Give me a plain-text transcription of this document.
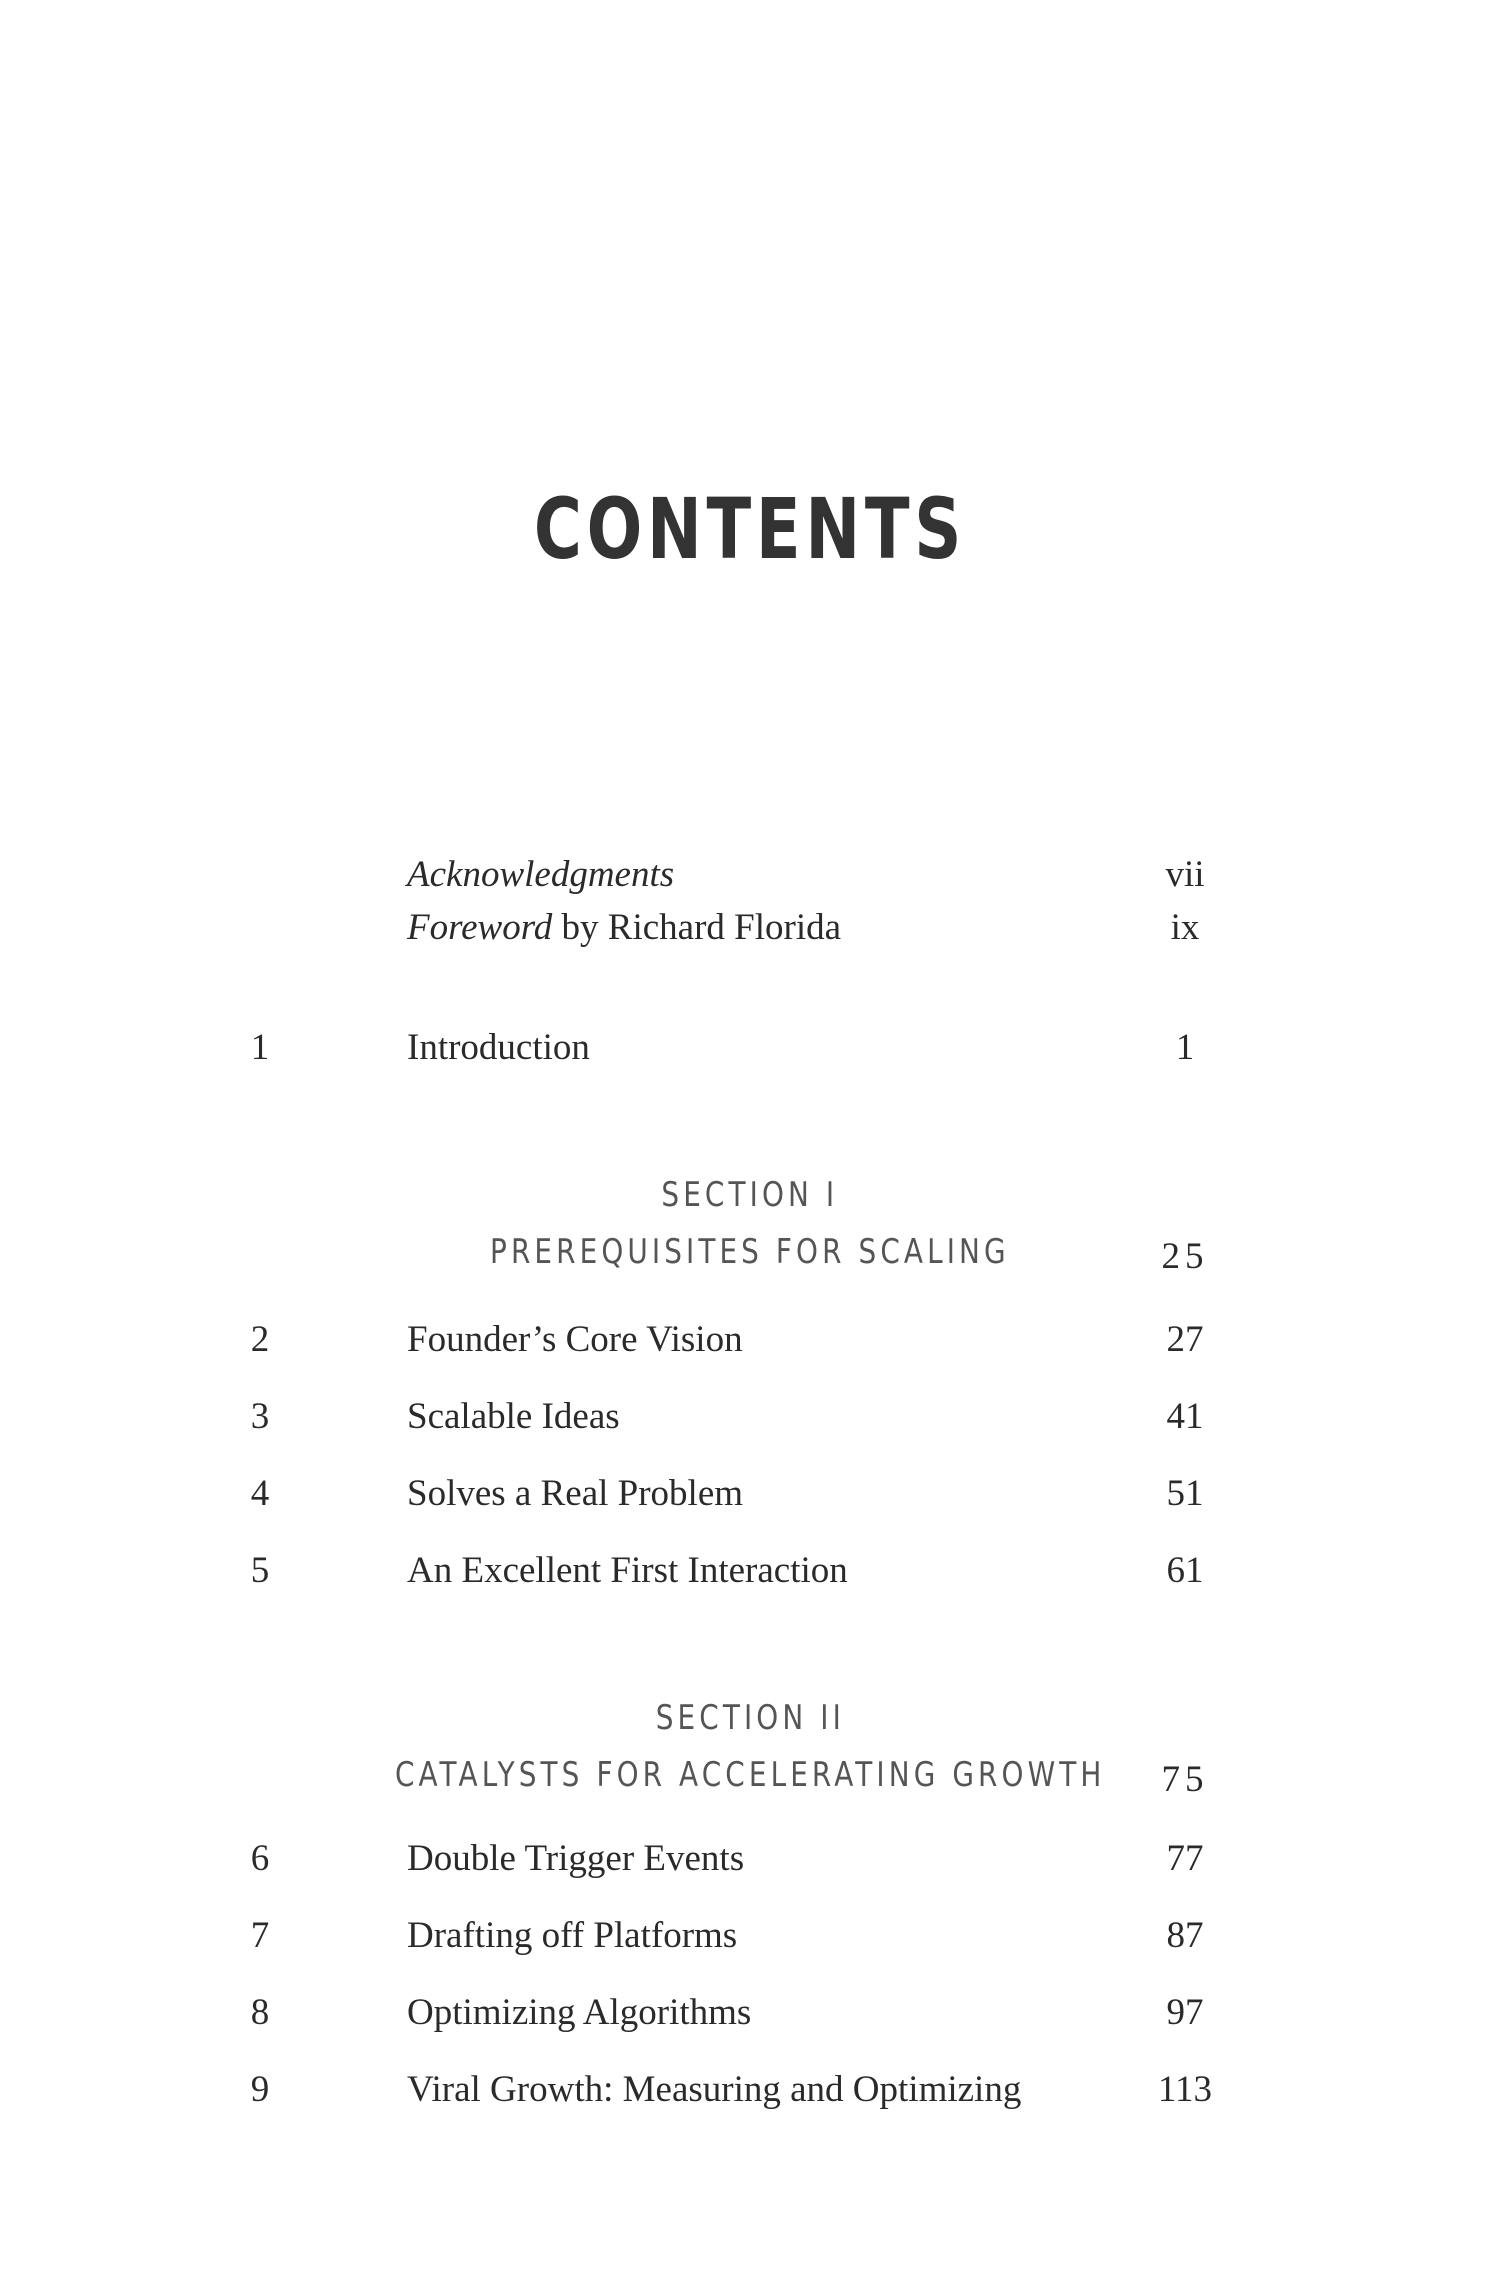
CONTENTS
Acknowledgments	vii
Foreword by Richard Florida	ix
1	Introduction	1
SECTION I
PREREQUISITES FOR SCALING	25
2	Founder’s Core Vision	27
3	Scalable Ideas	41
4	Solves a Real Problem	51
5	An Excellent First Interaction	61
SECTION II
CATALYSTS FOR ACCELERATING GROWTH	75
6	Double Trigger Events	77
7	Drafting off Platforms	87
8	Optimizing Algorithms	97
9	Viral Growth: Measuring and Optimizing	113
